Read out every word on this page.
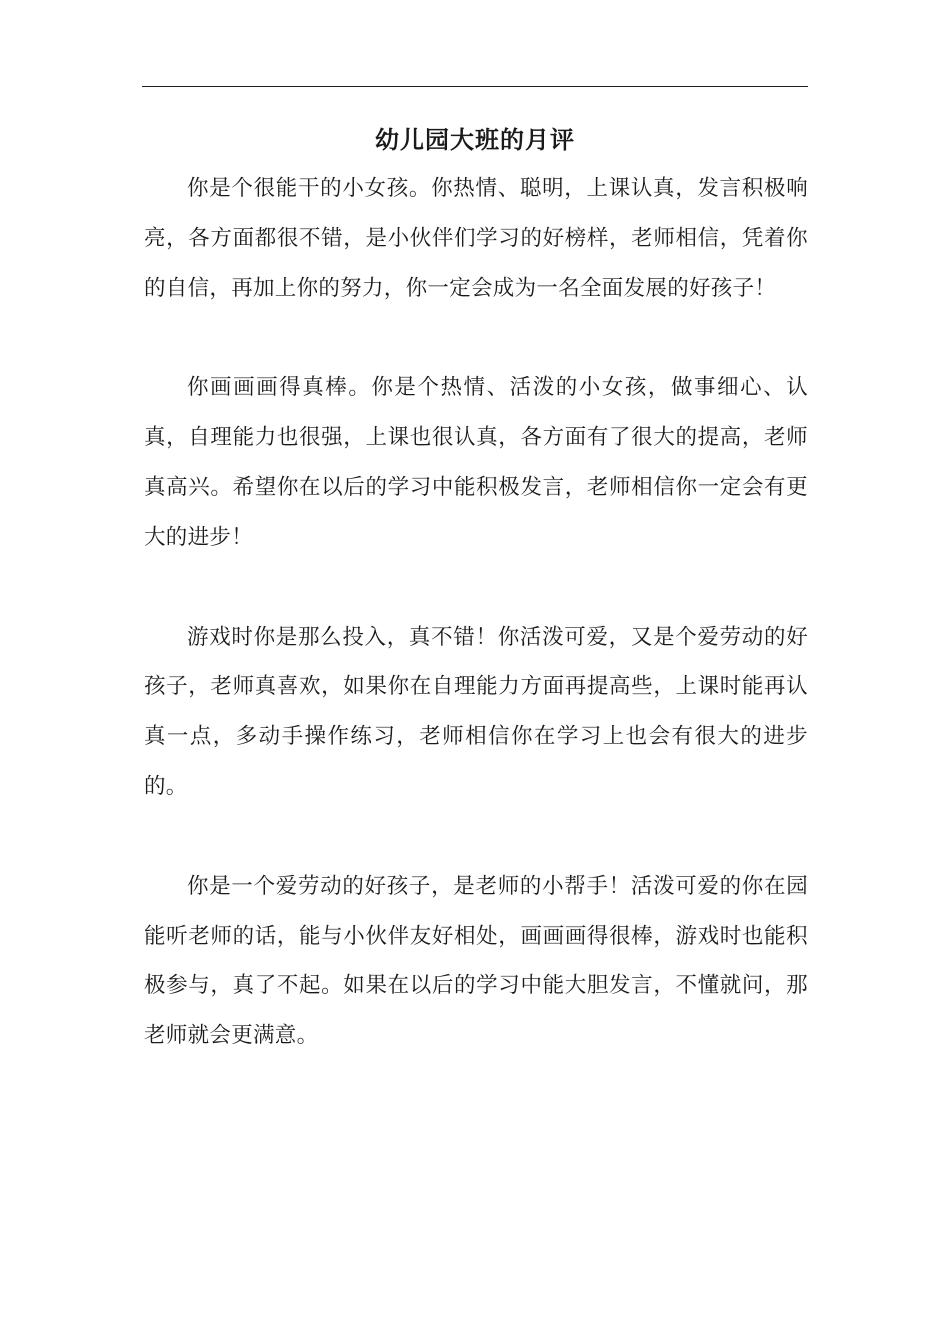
幼儿园大班的月评

你是个很能干的小女孩。你热情、聪明，上课认真，发言积极响亮，各方面都很不错，是小伙伴们学习的好榜样，老师相信，凭着你的自信，再加上你的努力，你一定会成为一名全面发展的好孩子！

你画画画得真棒。你是个热情、活泼的小女孩，做事细心、认真，自理能力也很强，上课也很认真，各方面有了很大的提高，老师真高兴。希望你在以后的学习中能积极发言，老师相信你一定会有更大的进步！

游戏时你是那么投入，真不错！你活泼可爱，又是个爱劳动的好孩子，老师真喜欢，如果你在自理能力方面再提高些，上课时能再认真一点，多动手操作练习，老师相信你在学习上也会有很大的进步的。

你是一个爱劳动的好孩子，是老师的小帮手！活泼可爱的你在园能听老师的话，能与小伙伴友好相处，画画画得很棒，游戏时也能积极参与，真了不起。如果在以后的学习中能大胆发言，不懂就问，那老师就会更满意。
